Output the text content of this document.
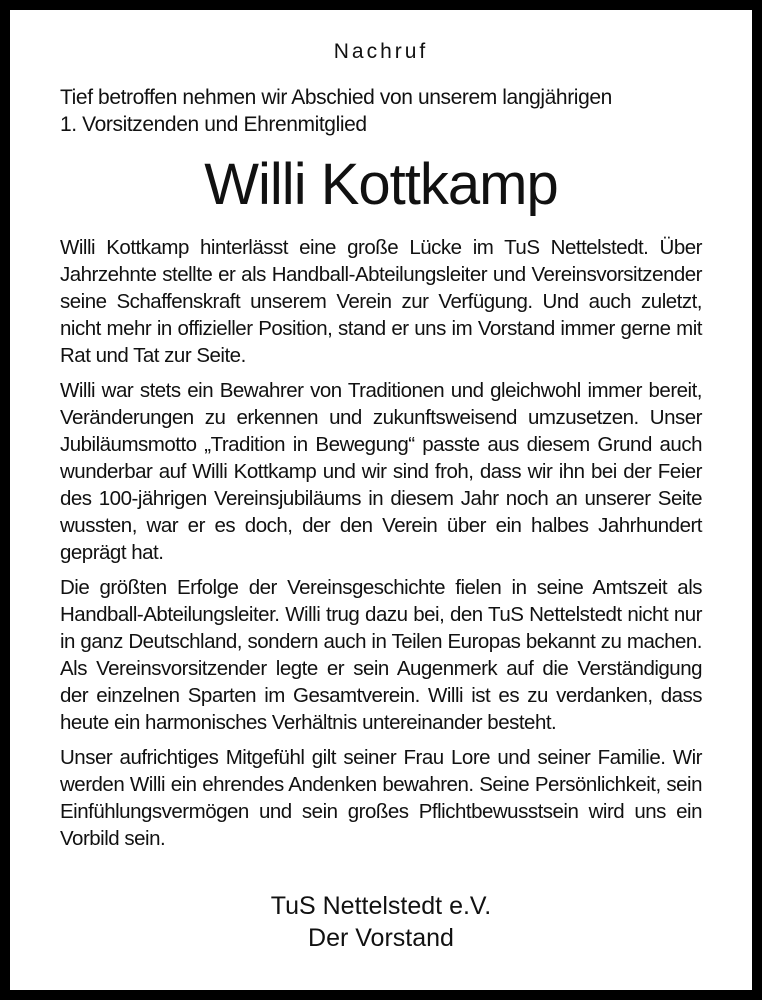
Nachruf
Tief betroffen nehmen wir Abschied von unserem langjährigen
1. Vorsitzenden und Ehrenmitglied
Willi Kottkamp

Willi Kottkamp hinterlässt eine große Lücke im TuS Nettelstedt. Über Jahrzehnte stellte er als Handball-Abteilungsleiter und Vereinsvorsitzender seine Schaffenskraft unserem Verein zur Verfügung. Und auch zuletzt, nicht mehr in offizieller Position, stand er uns im Vorstand immer gerne mit Rat und Tat zur Seite.

Willi war stets ein Bewahrer von Traditionen und gleichwohl immer bereit, Veränderungen zu erkennen und zukunftsweisend umzusetzen. Unser Jubiläumsmotto „Tradition in Bewegung“ passte aus diesem Grund auch wunderbar auf Willi Kottkamp und wir sind froh, dass wir ihn bei der Feier des 100-jährigen Vereinsjubiläums in diesem Jahr noch an unserer Seite wussten, war er es doch, der den Verein über ein halbes Jahrhundert geprägt hat.

Die größten Erfolge der Vereinsgeschichte fielen in seine Amtszeit als Handball-Abteilungsleiter. Willi trug dazu bei, den TuS Nettelstedt nicht nur in ganz Deutschland, sondern auch in Teilen Europas bekannt zu machen. Als Vereinsvorsitzender legte er sein Augenmerk auf die Verständigung der einzelnen Sparten im Gesamtverein. Willi ist es zu verdanken, dass heute ein harmonisches Verhältnis untereinander besteht.

Unser aufrichtiges Mitgefühl gilt seiner Frau Lore und seiner Familie. Wir werden Willi ein ehrendes Andenken bewahren. Seine Persönlichkeit, sein Einfühlungsvermögen und sein großes Pflichtbewusstsein wird uns ein Vorbild sein.

TuS Nettelstedt e.V.
Der Vorstand
